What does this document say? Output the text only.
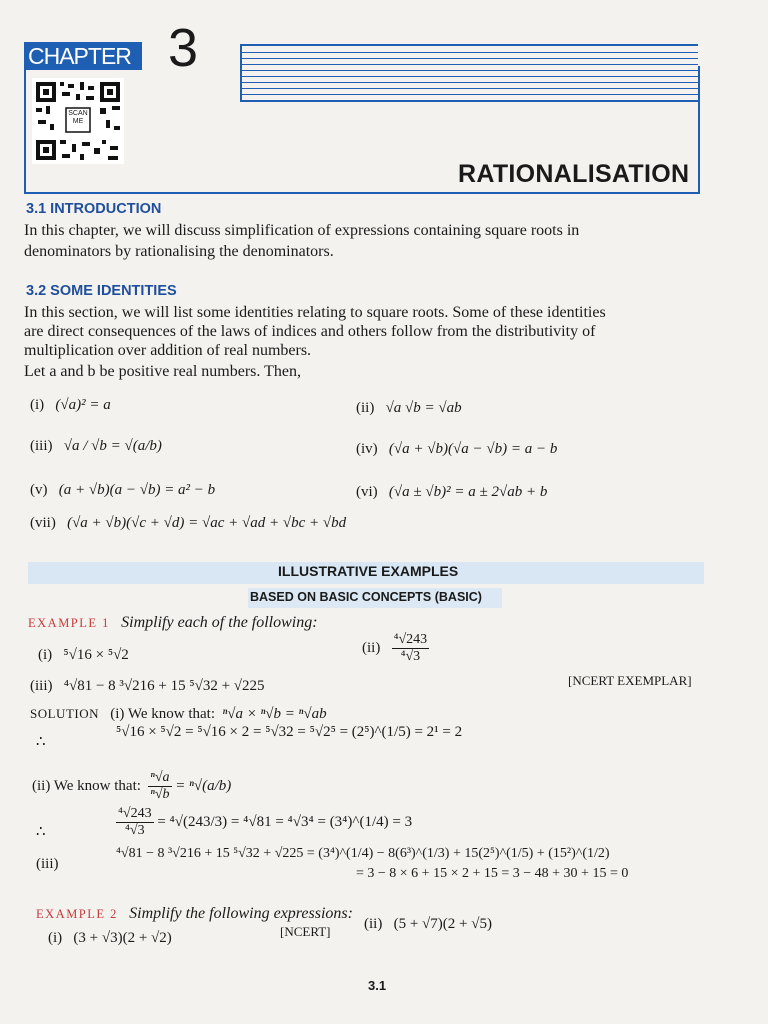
CHAPTER 3
SCAN ME
RATIONALISATION
3.1 INTRODUCTION

In this chapter, we will discuss simplification of expressions containing square roots in

denominators by rationalising the denominators.

3.2 SOME IDENTITIES

In this section, we will list some identities relating to square roots. Some of these identities

are direct consequences of the laws of indices and others follow from the distributivity of

multiplication over addition of real numbers.

Let a and b be positive real numbers. Then,

(i) (√a)² = a	(ii) √a √b = √ab
(iii) √a / √b = √(a/b)	(iv) (√a + √b)(√a − √b) = a − b
(v) (a + √b)(a − √b) = a² − b	(vi) (√a ± √b)² = a ± 2√ab + b
(vii) (√a + √b)(√c + √d) = √ac + √ad + √bc + √bd
ILLUSTRATIVE EXAMPLES
BASED ON BASIC CONCEPTS (BASIC)
EXAMPLE 1 Simplify each of the following:
(i) ⁵√16 × ⁵√2	$(ii) \frac{\text{⁴√243}}{\text{⁴√3}}$
(iii) ⁴√81 − 8 ³√216 + 15 ⁵√32 + √225	[NCERT EXEMPLAR]
SOLUTION (i) We know that: ⁿ√a × ⁿ√b = ⁿ√ab
∴
⁵√16 × ⁵√2 = ⁵√16 × 2 = ⁵√32 = ⁵√2⁵ = (2⁵)^(1/5) = 2¹ = 2
(ii) We know that: $\frac{\text{ⁿ√a}}{\text{ⁿ√b}} = ^n√(a/b)$
∴	$\frac{\text{⁴√243}}{\text{⁴√3}} = ^4√(243/3) = ^4√81 = ^4√3^4$ = (3⁴)^(1/4) = 3
(iii)
⁴√81 − 8 ³√216 + 15 ⁵√32 + √225 = (3⁴)^(1/4) − 8(6³)^(1/3) + 15(2⁵)^(1/5) + (15²)^(1/2)
= 3 − 8 × 6 + 15 × 2 + 15 = 3 − 48 + 30 + 15 = 0
EXAMPLE 2 Simplify the following expressions:
(i) (3 + √3)(2 + √2)	[NCERT] (ii) (5 + √7)(2 + √5)
3.1
